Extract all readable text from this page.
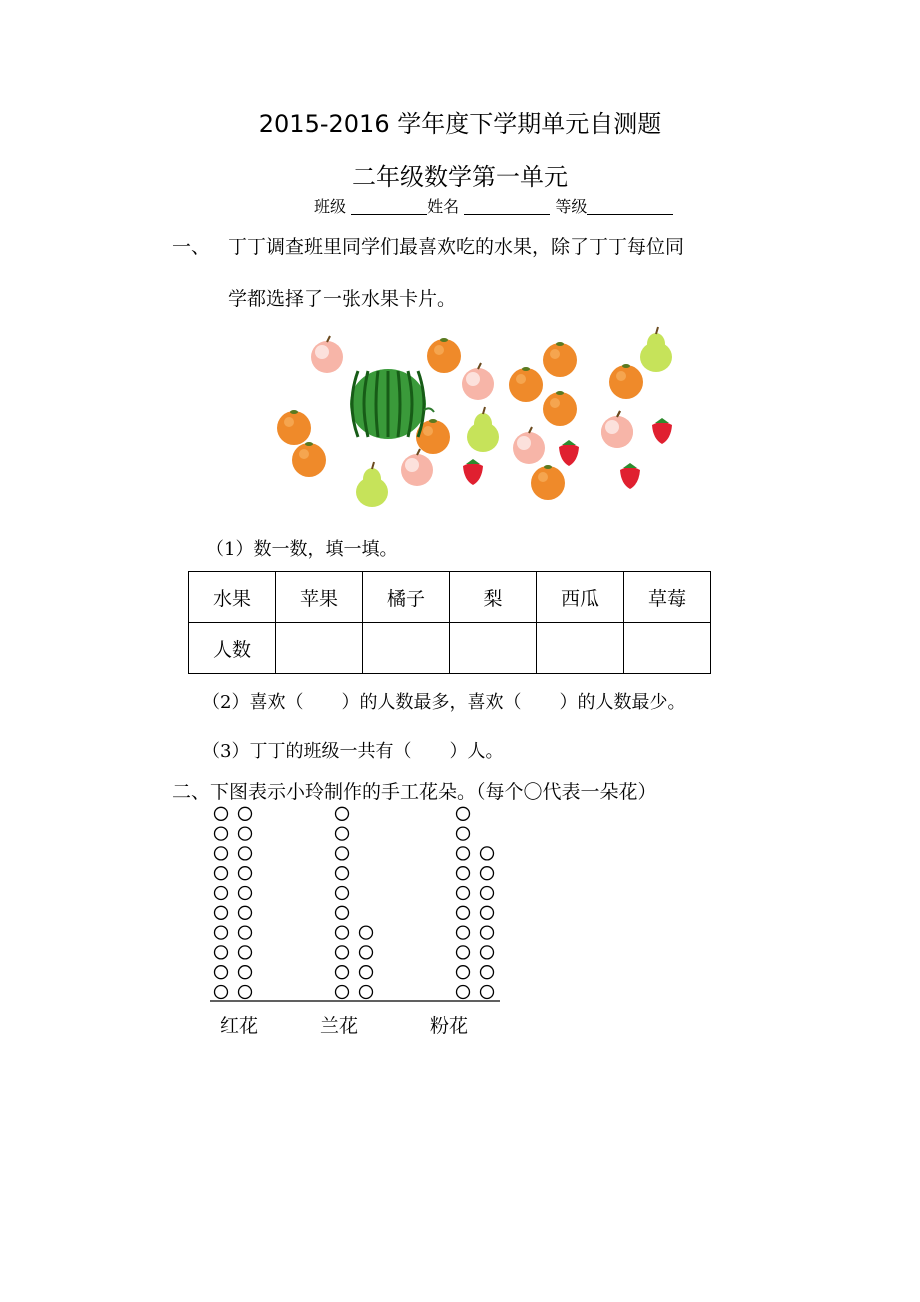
2015-2016 学年度下学期单元自测题
二年级数学第一单元
班级	姓名	等级
一、 丁丁调查班里同学们最喜欢吃的水果，除了丁丁每位同
学都选择了一张水果卡片。
（1）数一数，填一填。
水果	苹果	橘子	梨	西瓜	草莓
人数					
（2）喜欢（ ）的人数最多，喜欢（ ）的人数最少。
（3）丁丁的班级一共有（ ）人。
二、下图表示小玲制作的手工花朵。（每个〇代表一朵花）
红花	兰花	粉花
